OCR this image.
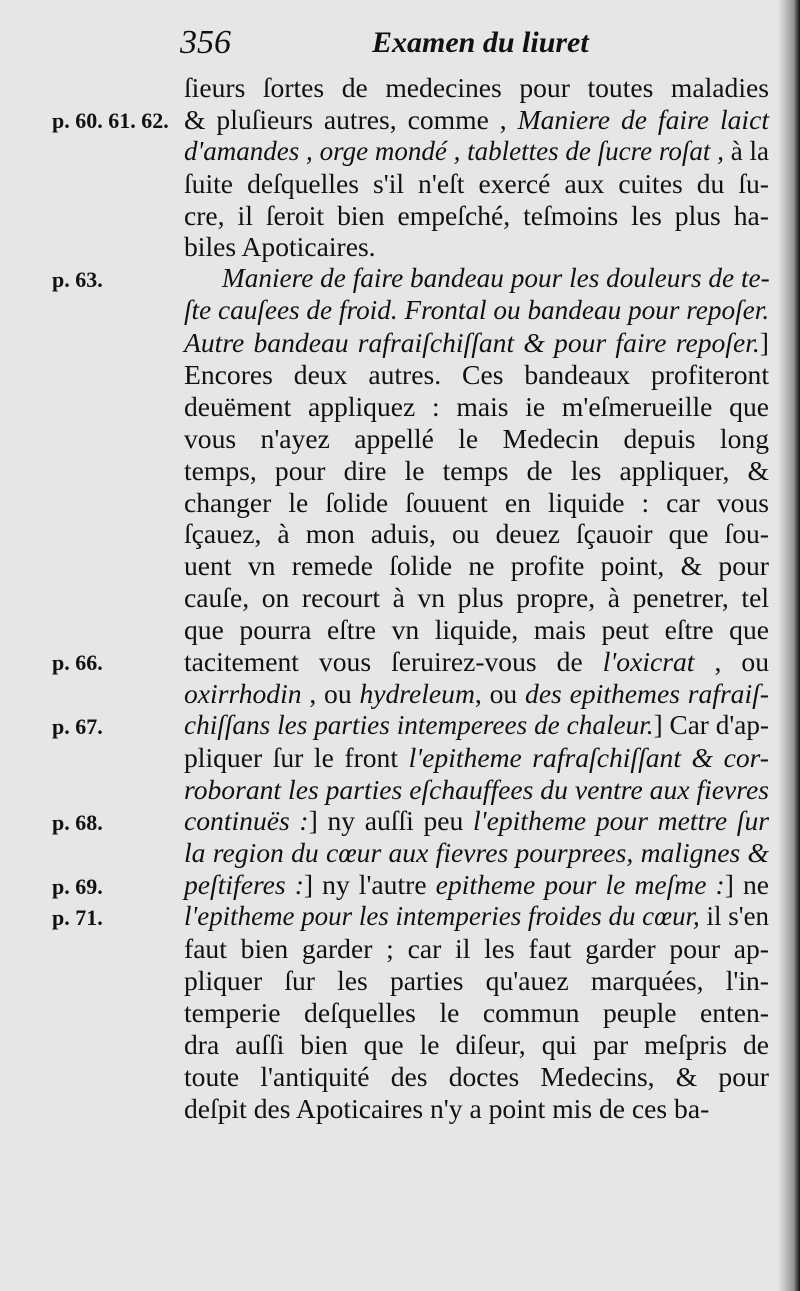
356	Examen du liuret
p. 60. 61. 62.
p. 63.
p. 66.
p. 67.
p. 68.
p. 69.
p. 71.
ſieurs ſortes de medecines pour toutes maladies
& pluſieurs autres, comme , Maniere de faire laict
d'amandes , orge mondé , tablettes de ſucre roſat , à la
ſuite deſquelles s'il n'eſt exercé aux cuites du ſu-
cre, il ſeroit bien empeſché, teſmoins les plus ha-
biles Apoticaires.
Maniere de faire bandeau pour les douleurs de te-
ſte cauſees de froid. Frontal ou bandeau pour repoſer.
Autre bandeau rafraiſchiſſant & pour faire repoſer.]
Encores deux autres. Ces bandeaux profiteront
deuëment appliquez : mais ie m'eſmerueille que
vous n'ayez appellé le Medecin depuis long
temps, pour dire le temps de les appliquer, &
changer le ſolide ſouuent en liquide : car vous
ſçauez, à mon aduis, ou deuez ſçauoir que ſou-
uent vn remede ſolide ne profite point, & pour
cauſe, on recourt à vn plus propre, à penetrer, tel
que pourra eſtre vn liquide, mais peut eſtre que
tacitement vous ſeruirez-vous de l'oxicrat , ou
oxirrhodin , ou hydreleum, ou des epithemes rafraiſ-
chiſſans les parties intemperees de chaleur.] Car d'ap-
pliquer ſur le front l'epitheme rafraſchiſſant & cor-
roborant les parties eſchauffees du ventre aux fievres
continuës :] ny auſſi peu l'epitheme pour mettre ſur
la region du cœur aux fievres pourprees, malignes &
peſtiferes :] ny l'autre epitheme pour le meſme :] ne
l'epitheme pour les intemperies froides du cœur, il s'en
faut bien garder ; car il les faut garder pour ap-
pliquer ſur les parties qu'auez marquées, l'in-
temperie deſquelles le commun peuple enten-
dra auſſi bien que le diſeur, qui par meſpris de
toute l'antiquité des doctes Medecins, & pour
deſpit des Apoticaires n'y a point mis de ces ba-
